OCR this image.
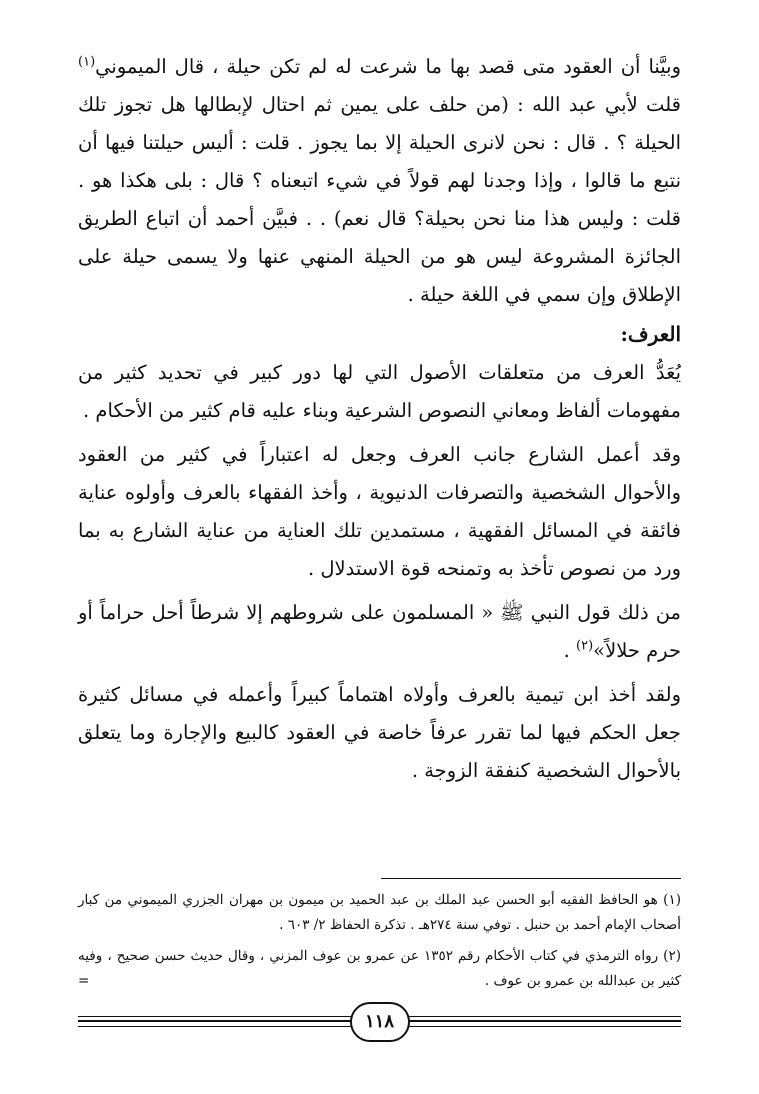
وبيَّنا أن العقود متى قصد بها ما شرعت له لم تكن حيلة ، قال الميموني$^{(١)}$ قلت لأبي عبد الله : (من حلف على يمين ثم احتال لإبطالها هل تجوز تلك الحيلة ؟ . قال : نحن لانرى الحيلة إلا بما يجوز . قلت : أليس حيلتنا فيها أن نتبع ما قالوا ، وإذا وجدنا لهم قولاً في شيء اتبعناه ؟ قال : بلى هكذا هو . قلت : وليس هذا منا نحن بحيلة؟ قال نعم) . . فبيَّن أحمد أن اتباع الطريق الجائزة المشروعة ليس هو من الحيلة المنهي عنها ولا يسمى حيلة على الإطلاق وإن سمي في اللغة حيلة .

العرف:

يُعَدُّ العرف من متعلقات الأصول التي لها دور كبير في تحديد كثير من مفهومات ألفاظ ومعاني النصوص الشرعية وبناء عليه قام كثير من الأحكام .

وقد أعمل الشارع جانب العرف وجعل له اعتباراً في كثير من العقود والأحوال الشخصية والتصرفات الدنيوية ، وأخذ الفقهاء بالعرف وأولوه عناية فائقة في المسائل الفقهية ، مستمدين تلك العناية من عناية الشارع به بما ورد من نصوص تأخذ به وتمنحه قوة الاستدلال .

من ذلك قول النبي ﷺ « المسلمون على شروطهم إلا شرطاً أحل حراماً أو حرم حلالاً»$^{(٢)}$ .

ولقد أخذ ابن تيمية بالعرف وأولاه اهتماماً كبيراً وأعمله في مسائل كثيرة جعل الحكم فيها لما تقرر عرفاً خاصة في العقود كالبيع والإجارة وما يتعلق بالأحوال الشخصية كنفقة الزوجة .

(١) هو الحافظ الفقيه أبو الحسن عبد الملك بن عبد الحميد بن ميمون بن مهران الجزري الميموني من كبار أصحاب الإمام أحمد بن حنبل . توفي سنة ٢٧٤هـ . تذكرة الحفاظ ٢/ ٦٠٣ .

(٢) رواه الترمذي في كتاب الأحكام رقم ١٣٥٢ عن عمرو بن عوف المزني ، وقال حديث حسن صحيح ، وفيه كثير بن عبدالله بن عمرو بن عوف .
=

١١٨
